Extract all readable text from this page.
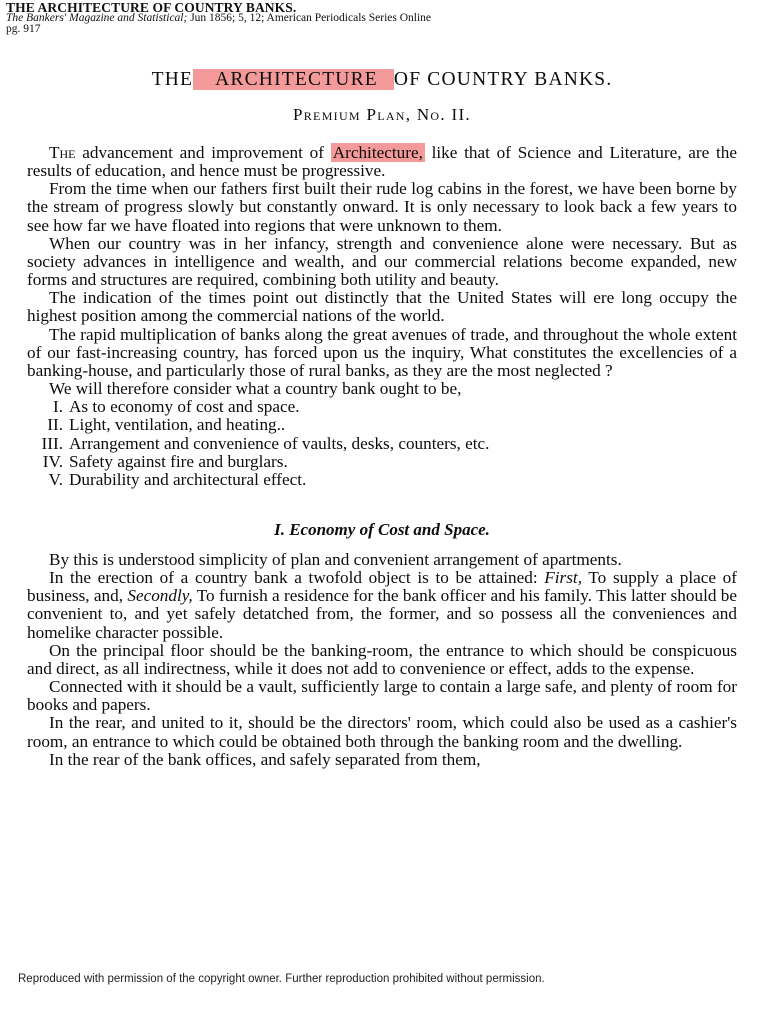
THE ARCHITECTURE OF COUNTRY BANKS.
The Bankers' Magazine and Statistical; Jun 1856; 5, 12; American Periodicals Series Online
pg. 917
THE ARCHITECTURE OF COUNTRY BANKS.
Premium Plan, No. II.

The advancement and improvement of Architecture, like that of Science and Literature, are the results of education, and hence must be progressive.

From the time when our fathers first built their rude log cabins in the forest, we have been borne by the stream of progress slowly but constantly onward. It is only necessary to look back a few years to see how far we have floated into regions that were unknown to them.

When our country was in her infancy, strength and convenience alone were necessary. But as society advances in intelligence and wealth, and our commercial relations become expanded, new forms and structures are required, combining both utility and beauty.

The indication of the times point out distinctly that the United States will ere long occupy the highest position among the commercial nations of the world.

The rapid multiplication of banks along the great avenues of trade, and throughout the whole extent of our fast-increasing country, has forced upon us the inquiry, What constitutes the excellencies of a banking-house, and particularly those of rural banks, as they are the most neglected ?

We will therefore consider what a country bank ought to be,

I. As to economy of cost and space.
II. Light, ventilation, and heating..
III. Arrangement and convenience of vaults, desks, counters, etc.
IV. Safety against fire and burglars.
V. Durability and architectural effect.
I. Economy of Cost and Space.

By this is understood simplicity of plan and convenient arrangement of apartments.

In the erection of a country bank a twofold object is to be attained: First, To supply a place of business, and, Secondly, To furnish a residence for the bank officer and his family. This latter should be convenient to, and yet safely detatched from, the former, and so possess all the conveniences and homelike character possible.

On the principal floor should be the banking-room, the entrance to which should be conspicuous and direct, as all indirectness, while it does not add to convenience or effect, adds to the expense.

Connected with it should be a vault, sufficiently large to contain a large safe, and plenty of room for books and papers.

In the rear, and united to it, should be the directors' room, which could also be used as a cashier's room, an entrance to which could be obtained both through the banking room and the dwelling.

In the rear of the bank offices, and safely separated from them,

Reproduced with permission of the copyright owner. Further reproduction prohibited without permission.
